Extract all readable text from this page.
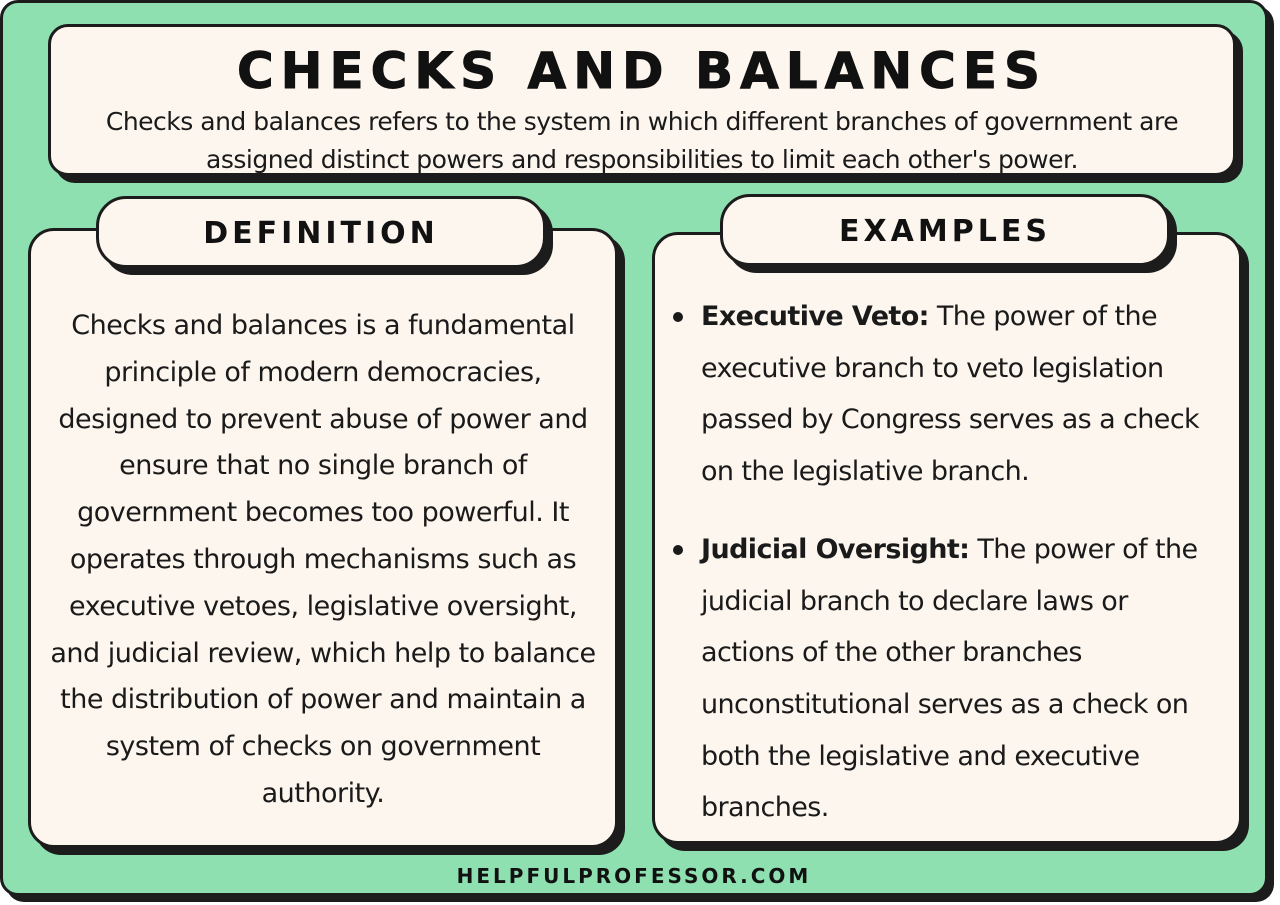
CHECKS AND BALANCES
Checks and balances refers to the system in which different branches of government are assigned distinct powers and responsibilities to limit each other's power.
Checks and balances is a fundamental principle of modern democracies, designed to prevent abuse of power and ensure that no single branch of government becomes too powerful. It operates through mechanisms such as executive vetoes, legislative oversight, and judicial review, which help to balance the distribution of power and maintain a system of checks on government authority.
DEFINITION
Executive Veto: The power of the executive branch to veto legislation passed by Congress serves as a check on the legislative branch.
Judicial Oversight: The power of the judicial branch to declare laws or actions of the other branches unconstitutional serves as a check on both the legislative and executive branches.
EXAMPLES
HELPFULPROFESSOR.COM
